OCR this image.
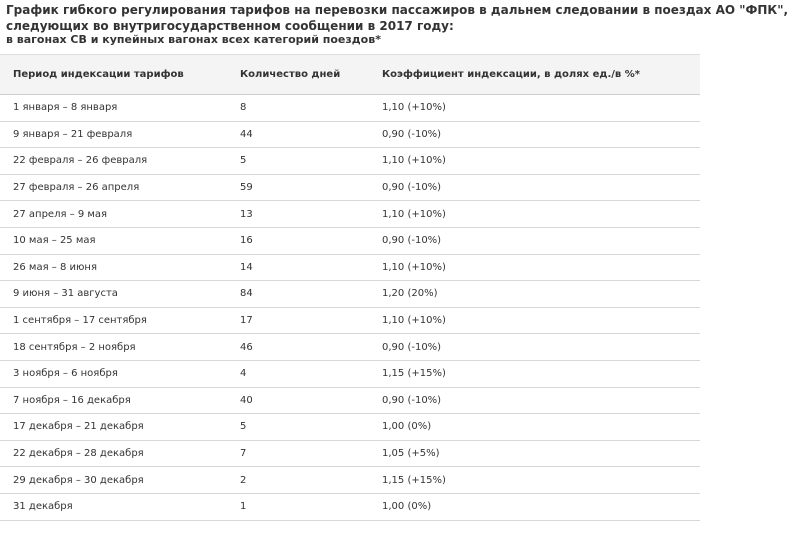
График гибкого регулирования тарифов на перевозки пассажиров в дальнем следовании в поездах АО "ФПК",
следующих во внутригосударственном сообщении в 2017 году:
в вагонах СВ и купейных вагонах всех категорий поездов*
Период индексации тарифов	Количество дней	Коэффициент индексации, в долях ед./в %*
1 января – 8 января	8	1,10 (+10%)
9 января – 21 февраля	44	0,90 (-10%)
22 февраля – 26 февраля	5	1,10 (+10%)
27 февраля – 26 апреля	59	0,90 (-10%)
27 апреля – 9 мая	13	1,10 (+10%)
10 мая – 25 мая	16	0,90 (-10%)
26 мая – 8 июня	14	1,10 (+10%)
9 июня – 31 августа	84	1,20 (20%)
1 сентября – 17 сентября	17	1,10 (+10%)
18 сентября – 2 ноября	46	0,90 (-10%)
3 ноября – 6 ноября	4	1,15 (+15%)
7 ноября – 16 декабря	40	0,90 (-10%)
17 декабря – 21 декабря	5	1,00 (0%)
22 декабря – 28 декабря	7	1,05 (+5%)
29 декабря – 30 декабря	2	1,15 (+15%)
31 декабря	1	1,00 (0%)
